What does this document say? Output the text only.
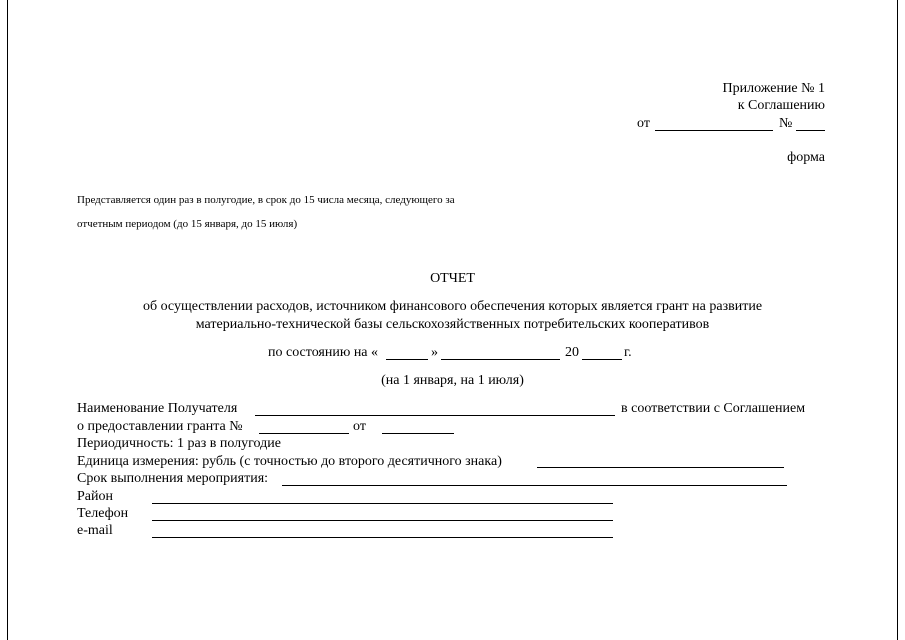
Приложение № 1
к Соглашению
от	№
форма
Представляется один раз в полугодие, в срок до 15 числа месяца, следующего за
отчетным периодом (до 15 января, до 15 июля)
ОТЧЕТ
об осуществлении расходов, источником финансового обеспечения которых является грант на развитие
материально-технической базы сельскохозяйственных потребительских кооперативов
по состоянию на «	»	20	г.
(на 1 января, на 1 июля)
Наименование Получателя	в соответствии с Соглашением
о предоставлении гранта №	от
Периодичность: 1 раз в полугодие
Единица измерения: рубль (с точностью до второго десятичного знака)
Срок выполнения мероприятия:
Район
Телефон
e-mail
